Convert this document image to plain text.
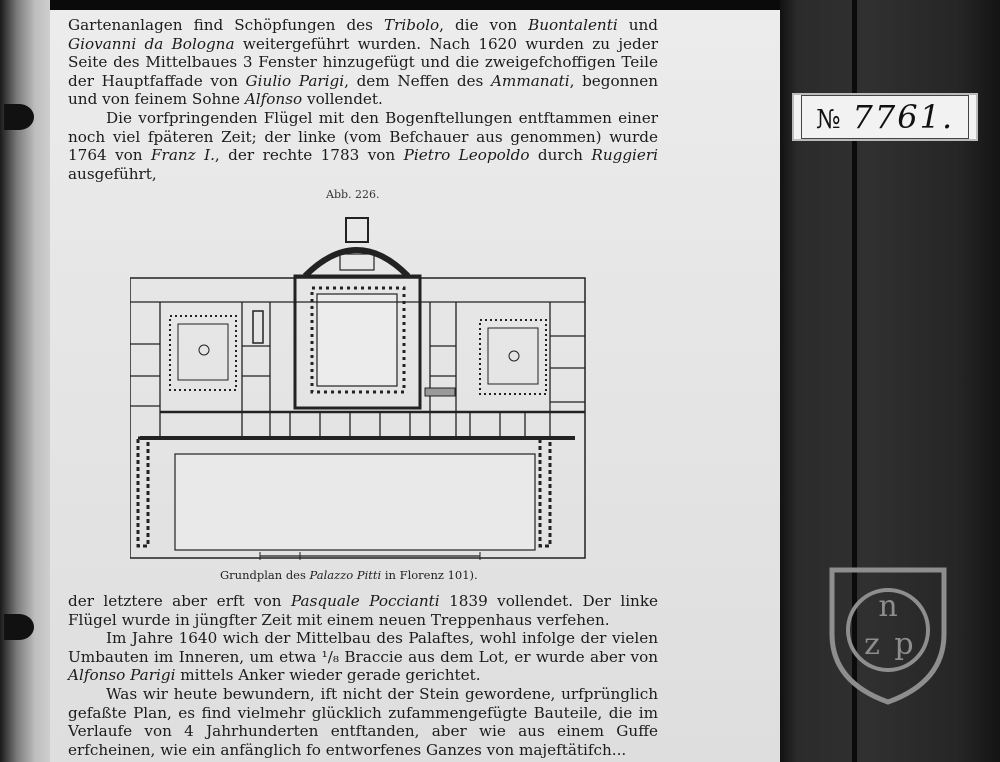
Gartenanlagen find Schöpfungen des Tribolo, die von Buontalenti und Giovanni da Bologna weitergeführt wurden. Nach 1620 wurden zu jeder Seite des Mittelbaues 3 Fenster hinzugefügt und die zweigefchoffigen Teile der Hauptfaffade von Giulio Parigi, dem Neffen des Ammanati, begonnen und von feinem Sohne Alfonso vollendet.

Die vorfpringenden Flügel mit den Bogenftellungen entftammen einer noch viel fpäteren Zeit; der linke (vom Befchauer aus genommen) wurde 1764 von Franz I., der rechte 1783 von Pietro Leopoldo durch Ruggieri ausgeführt,

Abb. 226.
Grundplan des Palazzo Pitti in Florenz 101).

der letztere aber erft von Pasquale Poccianti 1839 vollendet. Der linke Flügel wurde in jüngfter Zeit mit einem neuen Treppenhaus verfehen.

Im Jahre 1640 wich der Mittelbau des Palaftes, wohl infolge der vielen Umbauten im Inneren, um etwa ¹/₈ Braccie aus dem Lot, er wurde aber von Alfonso Parigi mittels Anker wieder gerade gerichtet.

Was wir heute bewundern, ift nicht der Stein gewordene, urfprünglich gefaßte Plan, es find vielmehr glücklich zufammengefügte Bauteile, die im Verlaufe von 4 Jahrhunderten entftanden, aber wie aus einem Guffe erfcheinen, wie ein anfänglich fo entworfenes Ganzes von majeftätifch...

№ 7761.
n
z p
